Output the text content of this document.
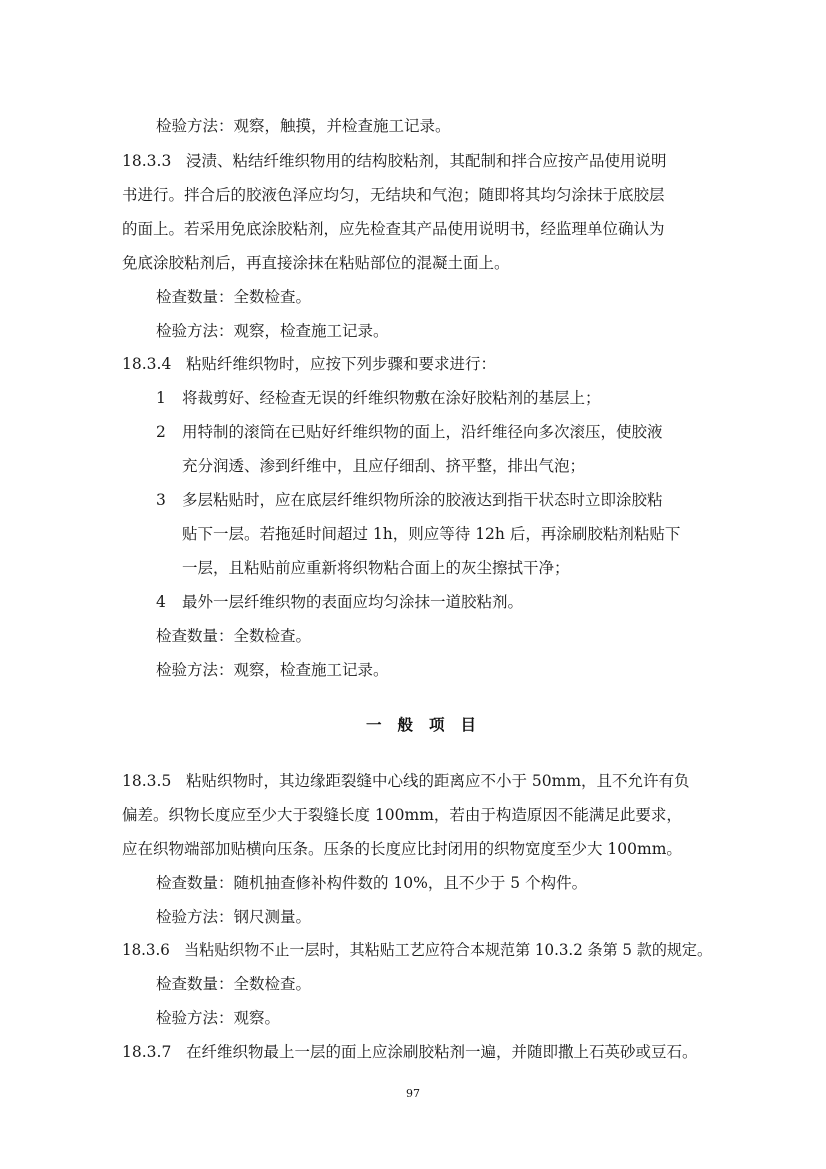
检验方法：观察，触摸，并检查施工记录。
18.3.3 浸渍、粘结纤维织物用的结构胶粘剂，其配制和拌合应按产品使用说明
书进行。拌合后的胶液色泽应均匀，无结块和气泡；随即将其均匀涂抹于底胶层
的面上。若采用免底涂胶粘剂，应先检查其产品使用说明书，经监理单位确认为
免底涂胶粘剂后，再直接涂抹在粘贴部位的混凝土面上。
检查数量：全数检查。
检验方法：观察，检查施工记录。
18.3.4 粘贴纤维织物时，应按下列步骤和要求进行：
1 将裁剪好、经检查无误的纤维织物敷在涂好胶粘剂的基层上；
2 用特制的滚筒在已贴好纤维织物的面上，沿纤维径向多次滚压，使胶液
充分润透、渗到纤维中，且应仔细刮、挤平整，排出气泡；
3 多层粘贴时，应在底层纤维织物所涂的胶液达到指干状态时立即涂胶粘
贴下一层。若拖延时间超过 1h，则应等待 12h 后，再涂刷胶粘剂粘贴下
一层，且粘贴前应重新将织物粘合面上的灰尘擦拭干净；
4 最外一层纤维织物的表面应均匀涂抹一道胶粘剂。
检查数量：全数检查。
检验方法：观察，检查施工记录。
一般项目
18.3.5 粘贴织物时，其边缘距裂缝中心线的距离应不小于 50mm，且不允许有负
偏差。织物长度应至少大于裂缝长度 100mm，若由于构造原因不能满足此要求，
应在织物端部加贴横向压条。压条的长度应比封闭用的织物宽度至少大 100mm。
检查数量：随机抽查修补构件数的 10%，且不少于 5 个构件。
检验方法：钢尺测量。
18.3.6 当粘贴织物不止一层时，其粘贴工艺应符合本规范第 10.3.2 条第 5 款的规定。
检查数量：全数检查。
检验方法：观察。
18.3.7 在纤维织物最上一层的面上应涂刷胶粘剂一遍，并随即撒上石英砂或豆石。
97
